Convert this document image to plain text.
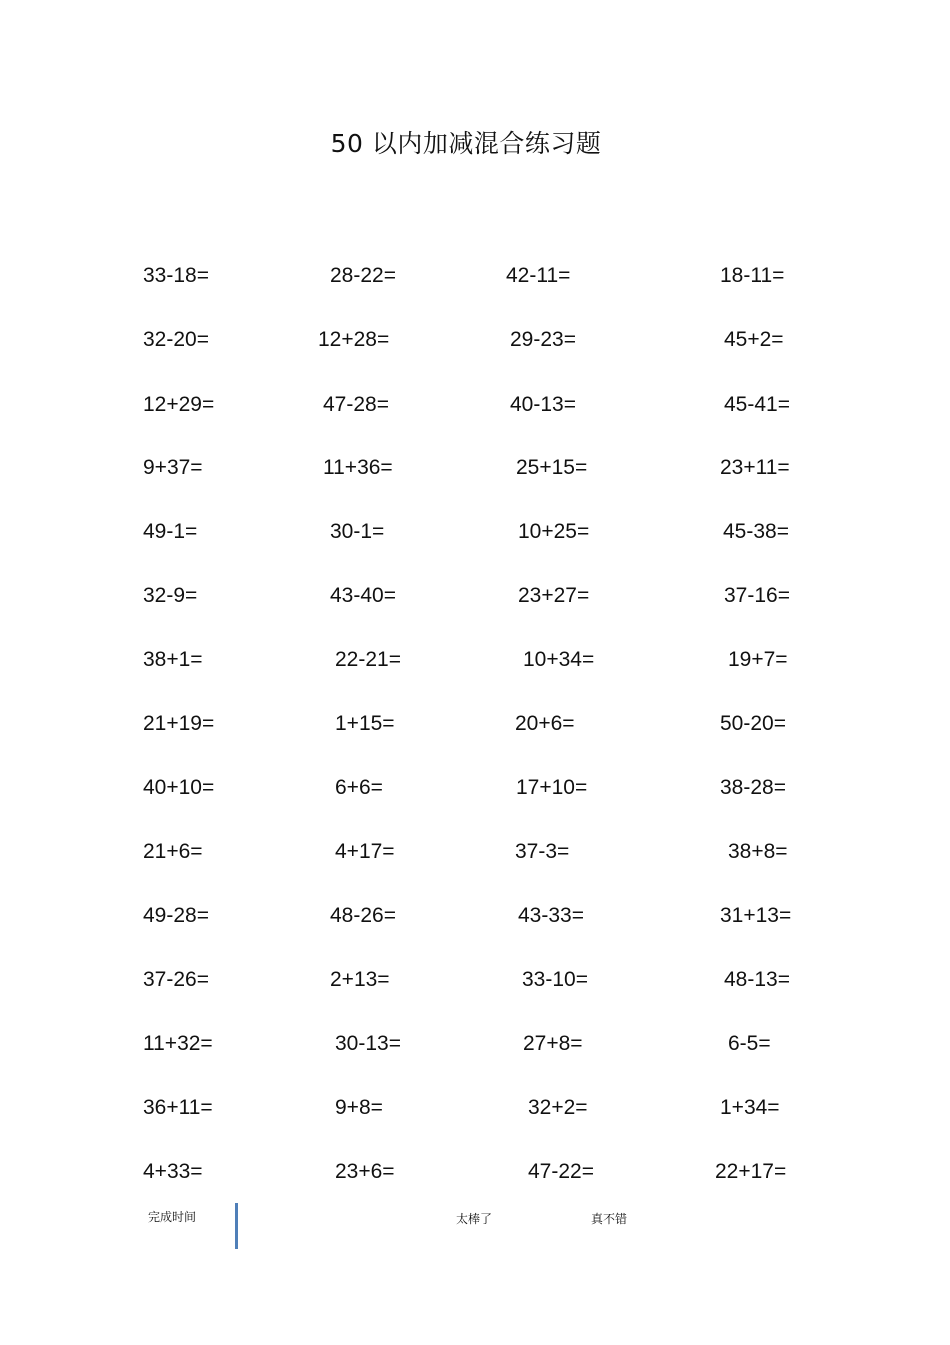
50 以内加减混合练习题
33-18=	28-22=	42-11=	18-11=
32-20=	12+28=	29-23=	45+2=
12+29=	47-28=	40-13=	45-41=
9+37=	11+36=	25+15=	23+11=
49-1=	30-1=	10+25=	45-38=
32-9=	43-40=	23+27=	37-16=
38+1=	22-21=	10+34=	19+7=
21+19=	1+15=	20+6=	50-20=
40+10=	6+6=	17+10=	38-28=
21+6=	4+17=	37-3=	38+8=
49-28=	48-26=	43-33=	31+13=
37-26=	2+13=	33-10=	48-13=
11+32=	30-13=	27+8=	6-5=
36+11=	9+8=	32+2=	1+34=
4+33=	23+6=	47-22=	22+17=
完成时间	太棒了	真不错
